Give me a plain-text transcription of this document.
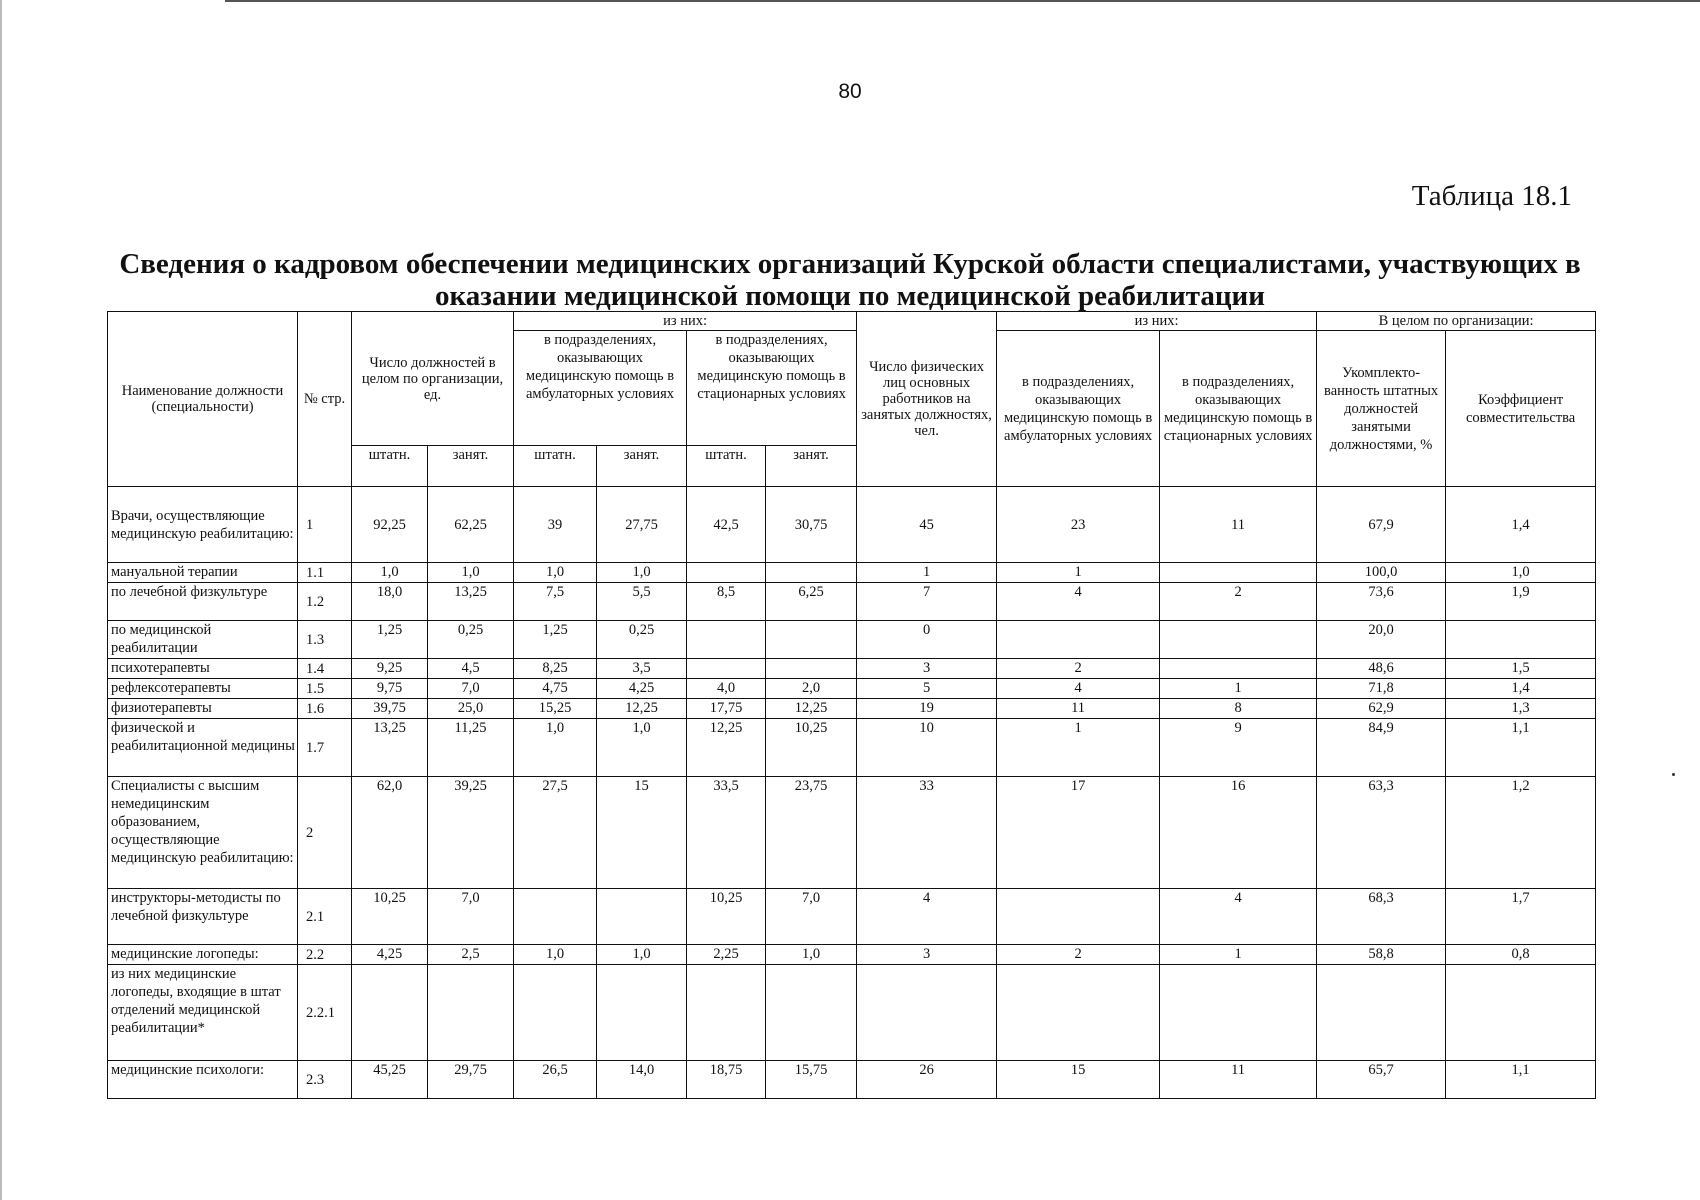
80
Таблица 18.1
Сведения о кадровом обеспечении медицинских организаций Курской области специалистами, участвующих в оказании медицинской помощи по медицинской реабилитации
Наименование должности (специальности)	№ стр.	Число должностей в целом по организации, ед.		из них:				Число физических лиц основных работников на занятых должностях, чел.	из них:		В целом по организации:	
				в подразделениях, оказывающих медицинскую помощь в амбулаторных условиях		в подразделениях, оказывающих медицинскую помощь в стационарных условиях			в подразделениях, оказывающих медицинскую помощь в амбулаторных условиях	в подразделениях, оказывающих медицинскую помощь в стационарных условиях	Укомплекто-ванность штатных должностей занятыми должностями, %	Коэффициент совместительства
		штатн.	занят.	штатн.	занят.	штатн.	занят.					
Врачи, осуществляющие медицинскую реабилитацию:	1	92,25	62,25	39	27,75	42,5	30,75	45	23	11	67,9	1,4
мануальной терапии	1.1	1,0	1,0	1,0	1,0			1	1		100,0	1,0
по лечебной физкультуре	1.2	18,0	13,25	7,5	5,5	8,5	6,25	7	4	2	73,6	1,9
по медицинской реабилитации	1.3	1,25	0,25	1,25	0,25			0			20,0	
психотерапевты	1.4	9,25	4,5	8,25	3,5			3	2		48,6	1,5
рефлексотерапевты	1.5	9,75	7,0	4,75	4,25	4,0	2,0	5	4	1	71,8	1,4
физиотерапевты	1.6	39,75	25,0	15,25	12,25	17,75	12,25	19	11	8	62,9	1,3
физической и реабилитационной медицины	1.7	13,25	11,25	1,0	1,0	12,25	10,25	10	1	9	84,9	1,1
Специалисты с высшим немедицинским образованием, осуществляющие медицинскую реабилитацию:	2	62,0	39,25	27,5	15	33,5	23,75	33	17	16	63,3	1,2
инструкторы-методисты по лечебной физкультуре	2.1	10,25	7,0			10,25	7,0	4		4	68,3	1,7
медицинские логопеды:	2.2	4,25	2,5	1,0	1,0	2,25	1,0	3	2	1	58,8	0,8
из них медицинские логопеды, входящие в штат отделений медицинской реабилитации*	2.2.1											
медицинские психологи:	2.3	45,25	29,75	26,5	14,0	18,75	15,75	26	15	11	65,7	1,1
